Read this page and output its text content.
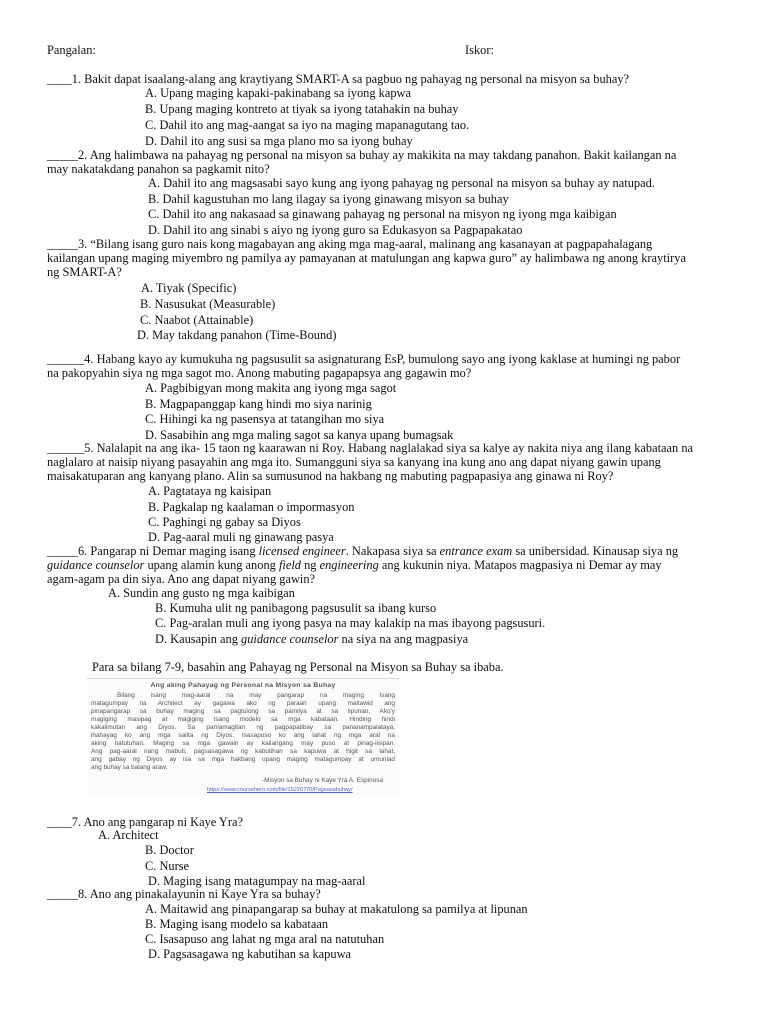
Pangalan:	Iskor:
____1. Bakit dapat isaalang-alang ang kraytiyang SMART-A sa pagbuo ng pahayag ng personal na misyon sa buhay?
A. Upang maging kapaki-pakinabang sa iyong kapwa
B. Upang maging kontreto at tiyak sa iyong tatahakin na buhay
C. Dahil ito ang mag-aangat sa iyo na maging mapanagutang tao.
D. Dahil ito ang susi sa mga plano mo sa iyong buhay
_____2. Ang halimbawa na pahayag ng personal na misyon sa buhay ay makikita na may takdang panahon. Bakit kailangan na
may nakatakdang panahon sa pagkamit nito?
A. Dahil ito ang magsasabi sayo kung ang iyong pahayag ng personal na misyon sa buhay ay natupad.
B. Dahil kagustuhan mo lang ilagay sa iyong ginawang misyon sa buhay
C. Dahil ito ang nakasaad sa ginawang pahayag ng personal na misyon ng iyong mga kaibigan
D. Dahil ito ang sinabi s aiyo ng iyong guro sa Edukasyon sa Pagpapakatao
_____3. “Bilang isang guro nais kong magabayan ang aking mga mag-aaral, malinang ang kasanayan at pagpapahalagang
kailangan upang maging miyembro ng pamilya ay pamayanan at matulungan ang kapwa guro” ay halimbawa ng anong kraytirya
ng SMART-A?
A. Tiyak (Specific)
B. Nasusukat (Measurable)
C. Naabot (Attainable)
D. May takdang panahon (Time-Bound)
______4. Habang kayo ay kumukuha ng pagsusulit sa asignaturang EsP, bumulong sayo ang iyong kaklase at humingi ng pabor
na pakopyahin siya ng mga sagot mo. Anong mabuting pagapapsya ang gagawin mo?
A. Pagbibigyan mong makita ang iyong mga sagot
B. Magpapanggap kang hindi mo siya narinig
C. Hihingi ka ng pasensya at tatangihan mo siya
D. Sasabihin ang mga maling sagot sa kanya upang bumagsak
______5. Nalalapit na ang ika- 15 taon ng kaarawan ni Roy. Habang naglalakad siya sa kalye ay nakita niya ang ilang kabataan na
naglalaro at naisip niyang pasayahin ang mga ito. Sumangguni siya sa kanyang ina kung ano ang dapat niyang gawin upang
maisakatuparan ang kanyang plano. Alin sa sumusunod na hakbang ng mabuting pagpapasiya ang ginawa ni Roy?
A. Pagtataya ng kaisipan
B. Pagkalap ng kaalaman o impormasyon
C. Paghingi ng gabay sa Diyos
D. Pag-aaral muli ng ginawang pasya
_____6. Pangarap ni Demar maging isang licensed engineer. Nakapasa siya sa entrance exam sa unibersidad. Kinausap siya ng
guidance counselor upang alamin kung anong field ng engineering ang kukunin niya. Matapos magpasiya ni Demar ay may
agam-agam pa din siya. Ano ang dapat niyang gawin?
A. Sundin ang gusto ng mga kaibigan
B. Kumuha ulit ng panibagong pagsusulit sa ibang kurso
C. Pag-aralan muli ang iyong pasya na may kalakip na mas ibayong pagsusuri.
D. Kausapin ang guidance counselor na siya na ang magpasiya
Para sa bilang 7-9, basahin ang Pahayag ng Personal na Misyon sa Buhay sa ibaba.
Ang aking Pahayag ng Personal na Misyon sa Buhay
Bilang isang mag-aaral na may pangarap na maging isang
matagumpay na Architect ay gagawa ako ng paraan upang maitawid ang
pinapangarap sa buhay maging sa pagtulong sa pamilya at sa lipunan. Ako'y
magiging masipag at magiging isang modelo sa mga kabataan. Hinding hindi
kakalimutan ang Diyos. Sa pamamagitan ng pagpapatibay sa pananampalataya,
ihahayag ko ang mga salita ng Diyos. Isasapuso ko ang lahat ng mga aral na
aking natutuhan. Maging sa mga gawain ay kailangang may puso at pinag-iisipan.
Ang pag-aaral nang mabuti, pagsasagawa ng kabutihan sa kapuwa at higit sa lahat,
ang gabay ng Diyos ay isa sa mga hakbang upang maging matagumpay at umunlad
ang buhay sa balang araw.
-Misyon sa Buhay ni Kaye Yra A. Espinosa
https://www.coursehero.com/file/15220770/Pagsasabuhay/
____7. Ano ang pangarap ni Kaye Yra?
A. Architect
B. Doctor
C. Nurse
D. Maging isang matagumpay na mag-aaral
_____8. Ano ang pinakalayunin ni Kaye Yra sa buhay?
A. Maitawid ang pinapangarap sa buhay at makatulong sa pamilya at lipunan
B. Maging isang modelo sa kabataan
C. Isasapuso ang lahat ng mga aral na natutuhan
D. Pagsasagawa ng kabutihan sa kapuwa
